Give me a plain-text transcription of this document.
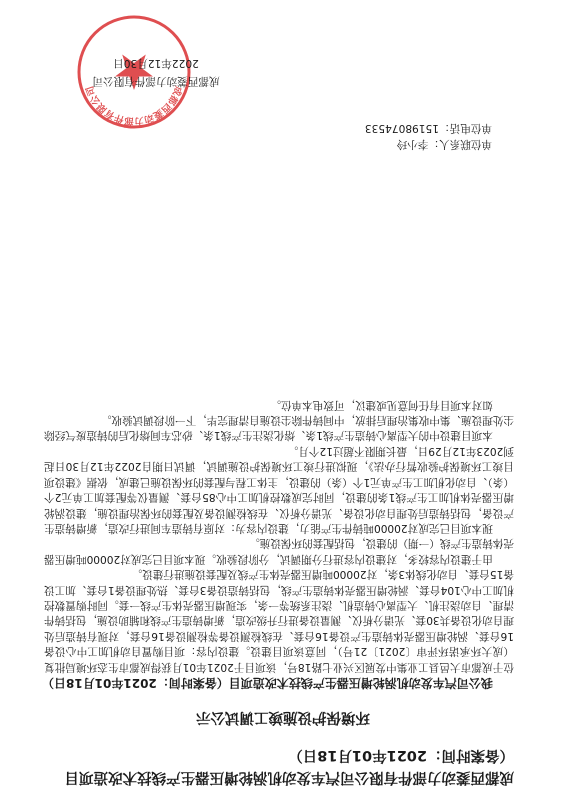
成都西菱动力部件有限公司汽车发动机涡轮增压器生产线技术改造项目（备案时间：2021年01月18日）
环境保护设施竣工调试公示

我公司汽车发动机涡轮增压器生产线技术改造项目（备案时间：2021年01月18日）位于成都市大邑县工业集中发展区兴业七路18号，该项目于2021年01月获得成都市生态环境局批复（成大环承诺环评审〔2021〕21号），同意该项目建设。建设内容：项目购置自动机加工中心设备16台套、涡轮增压器壳体铸造生产设备16台套、在线检测设备等检测设备16台套，对现有铸造后处理自动化设备共30套、光谱分析仪、测量设备进行升级改造，新增铸造生产线和辅助设施，包括铸件清理、自动浇注机、大型离心铸造机、浇注系统等一条，实现增压器壳体生产线一套。同时购置数控机加工中心104台套、涡轮增压器壳体铸造生产线，包括铸造设备3台套、热处理设备1台套、加工设备15台套、自动化线体3条，对20000吨增压器壳体生产线及配套设施进行建设。

由于建设内容较多，对建设内容进行分期调试，分阶段验收。现本项目已完成对20000吨增压器壳体铸造生产线（一期）的建设，包括配套的环保设施。

现本项目已完成对20000吨铸件生产能力，建设内容为：对原有铸造车间进行改造，新增铸造生产设备，包括铸造后处理自动化设备、光谱分析仪、在线检测设备及配套的环保治理设施，建设涡轮增压器壳体机加工生产线1条的建设，同时完成数控机加工中心85台套、测量仪等配套加工单元2个（条）、自动化机加工生产单元1个（条）的建设，主体工程与配套的环保设施已建成，依据《建设项目竣工环境保护验收暂行办法》，现拟进行竣工环境保护设施调试，调试日期自2022年12月30日起到2023年12月29日，最长期限不超过12个月。

本项目建设中的大型离心铸造生产线1条、熔化浇注生产线1条、砂芯车间熔化后的铸造废气经除尘处理设施、集中收集治理后排放，中间铸件除尘设施自清理完毕，下一阶段调试验收。

如对本项目有任何意见或建议，可致电本单位。

单位联系人：李小玲
单位电话：15198074533
成都西菱动力部件有限公司
成都西菱动力部件有限公司
2022年12月30日
